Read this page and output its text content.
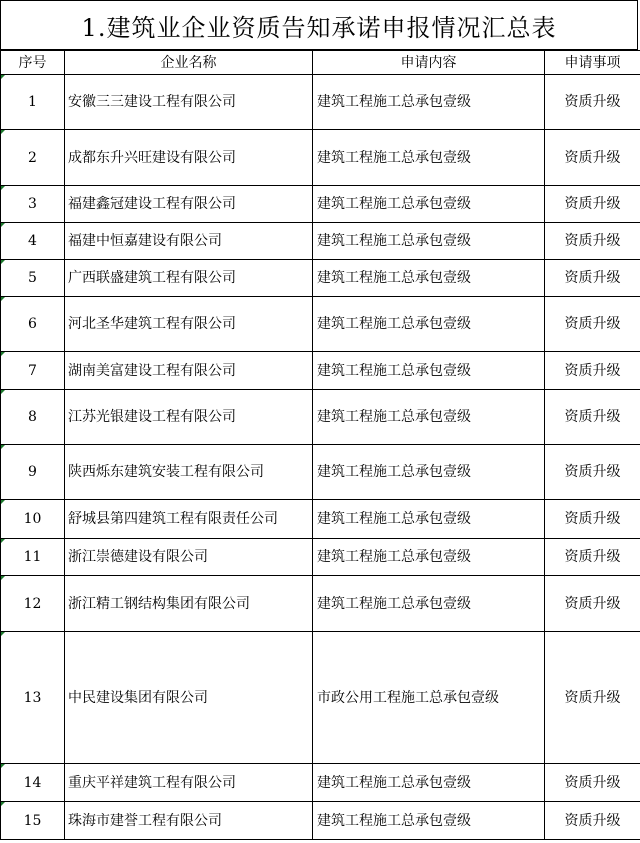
1.建筑业企业资质告知承诺申报情况汇总表
序号	企业名称	申请内容	申请事项

1	安徽三三建设工程有限公司	建筑工程施工总承包壹级	资质升级

2	成都东升兴旺建设有限公司	建筑工程施工总承包壹级	资质升级

3	福建鑫冠建设工程有限公司	建筑工程施工总承包壹级	资质升级

4	福建中恒嘉建设有限公司	建筑工程施工总承包壹级	资质升级

5	广西联盛建筑工程有限公司	建筑工程施工总承包壹级	资质升级

6	河北圣华建筑工程有限公司	建筑工程施工总承包壹级	资质升级

7	湖南美富建设工程有限公司	建筑工程施工总承包壹级	资质升级

8	江苏光银建设工程有限公司	建筑工程施工总承包壹级	资质升级

9	陕西烁东建筑安装工程有限公司	建筑工程施工总承包壹级	资质升级

10	舒城县第四建筑工程有限责任公司	建筑工程施工总承包壹级	资质升级

11	浙江崇德建设有限公司	建筑工程施工总承包壹级	资质升级

12	浙江精工钢结构集团有限公司	建筑工程施工总承包壹级	资质升级

13	中民建设集团有限公司	市政公用工程施工总承包壹级	资质升级

14	重庆平祥建筑工程有限公司	建筑工程施工总承包壹级	资质升级

15	珠海市建誉工程有限公司	建筑工程施工总承包壹级	资质升级
